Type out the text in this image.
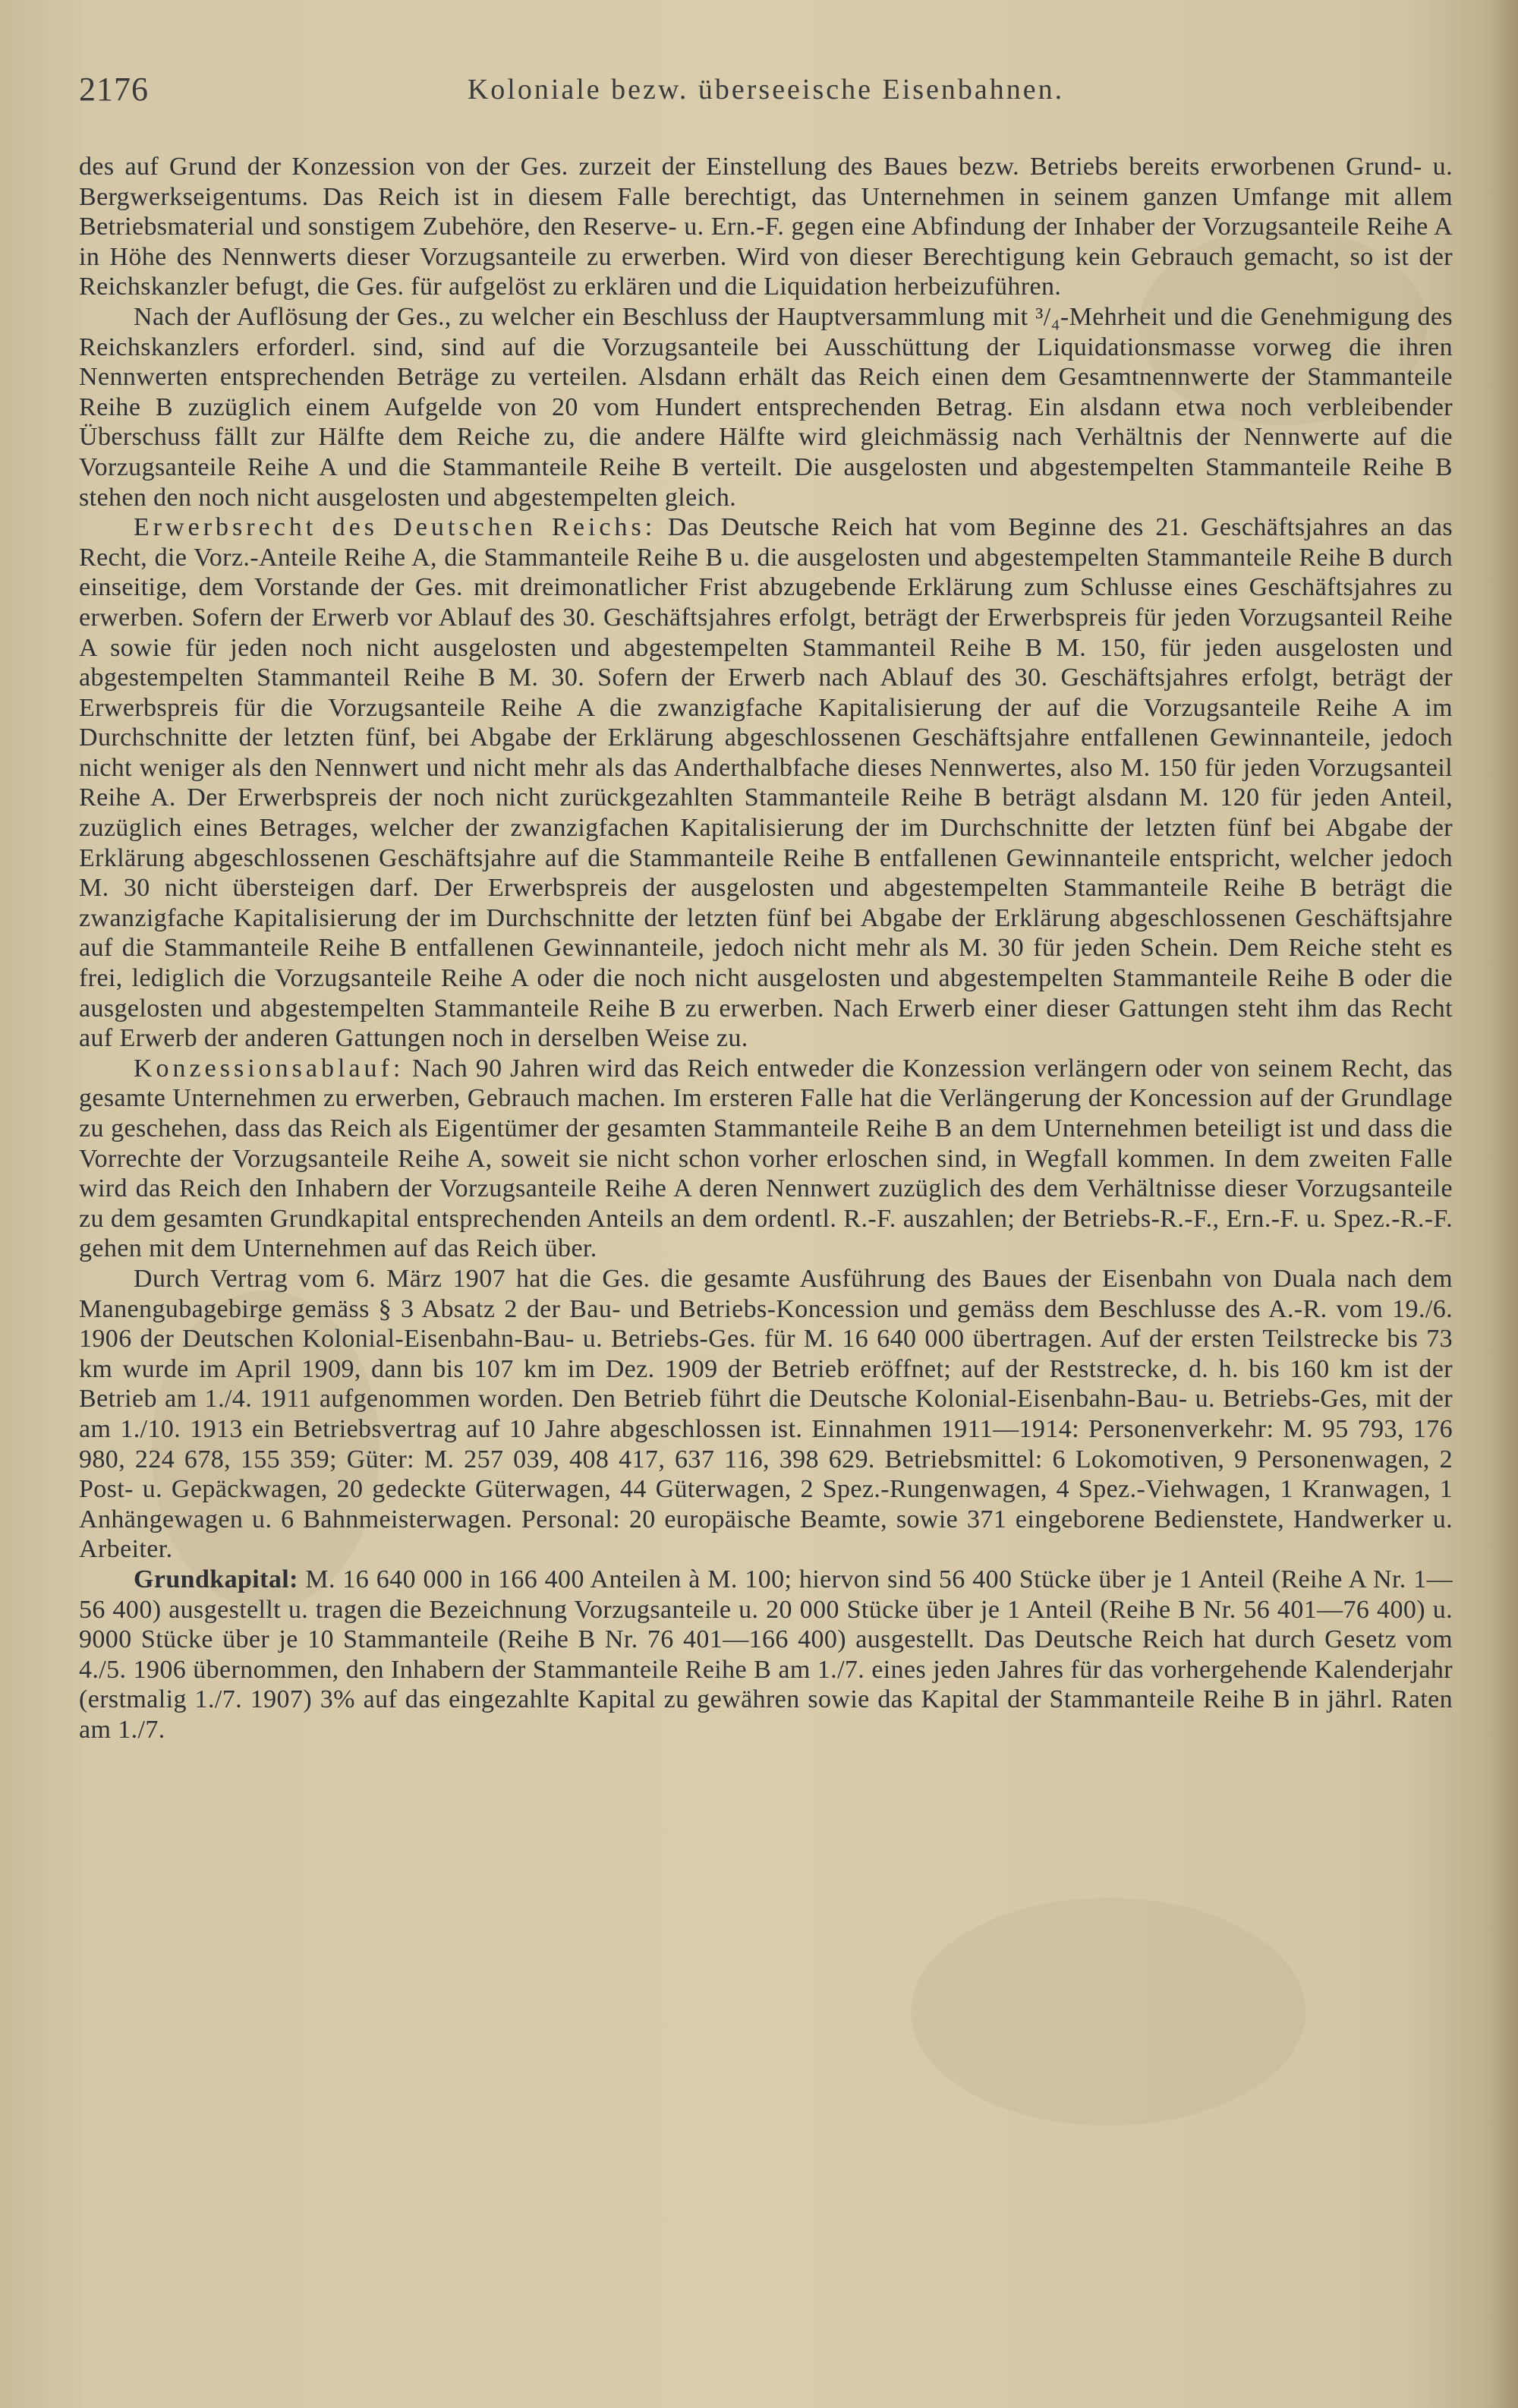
2176	Koloniale bezw. überseeische Eisenbahnen.

des auf Grund der Konzession von der Ges. zurzeit der Einstellung des Baues bezw. Betriebs bereits erworbenen Grund- u. Bergwerkseigentums. Das Reich ist in diesem Falle berechtigt, das Unternehmen in seinem ganzen Umfange mit allem Betriebsmaterial und sonstigem Zubehöre, den Reserve- u. Ern.-F. gegen eine Abfindung der Inhaber der Vorzugsanteile Reihe A in Höhe des Nennwerts dieser Vorzugsanteile zu erwerben. Wird von dieser Berechtigung kein Gebrauch gemacht, so ist der Reichskanzler befugt, die Ges. für aufgelöst zu erklären und die Liquidation herbeizuführen.

Nach der Auflösung der Ges., zu welcher ein Beschluss der Hauptversammlung mit ³/₄-Mehrheit und die Genehmigung des Reichskanzlers erforderl. sind, sind auf die Vorzugsanteile bei Ausschüttung der Liquidationsmasse vorweg die ihren Nennwerten entsprechenden Beträge zu verteilen. Alsdann erhält das Reich einen dem Gesamtnennwerte der Stammanteile Reihe B zuzüglich einem Aufgelde von 20 vom Hundert entsprechenden Betrag. Ein alsdann etwa noch verbleibender Überschuss fällt zur Hälfte dem Reiche zu, die andere Hälfte wird gleichmässig nach Verhältnis der Nennwerte auf die Vorzugsanteile Reihe A und die Stammanteile Reihe B verteilt. Die ausgelosten und abgestempelten Stammanteile Reihe B stehen den noch nicht ausgelosten und abgestempelten gleich.

Erwerbsrecht des Deutschen Reichs: Das Deutsche Reich hat vom Beginne des 21. Geschäftsjahres an das Recht, die Vorz.-Anteile Reihe A, die Stammanteile Reihe B u. die ausgelosten und abgestempelten Stammanteile Reihe B durch einseitige, dem Vorstande der Ges. mit dreimonatlicher Frist abzugebende Erklärung zum Schlusse eines Geschäftsjahres zu erwerben. Sofern der Erwerb vor Ablauf des 30. Geschäftsjahres erfolgt, beträgt der Erwerbspreis für jeden Vorzugsanteil Reihe A sowie für jeden noch nicht ausgelosten und abgestempelten Stammanteil Reihe B M. 150, für jeden ausgelosten und abgestempelten Stammanteil Reihe B M. 30. Sofern der Erwerb nach Ablauf des 30. Geschäftsjahres erfolgt, beträgt der Erwerbspreis für die Vorzugsanteile Reihe A die zwanzigfache Kapitalisierung der auf die Vorzugsanteile Reihe A im Durchschnitte der letzten fünf, bei Abgabe der Erklärung abgeschlossenen Geschäftsjahre entfallenen Gewinnanteile, jedoch nicht weniger als den Nennwert und nicht mehr als das Anderthalbfache dieses Nennwertes, also M. 150 für jeden Vorzugsanteil Reihe A. Der Erwerbspreis der noch nicht zurückgezahlten Stammanteile Reihe B beträgt alsdann M. 120 für jeden Anteil, zuzüglich eines Betrages, welcher der zwanzigfachen Kapitalisierung der im Durchschnitte der letzten fünf bei Abgabe der Erklärung abgeschlossenen Geschäftsjahre auf die Stammanteile Reihe B entfallenen Gewinnanteile entspricht, welcher jedoch M. 30 nicht übersteigen darf. Der Erwerbspreis der ausgelosten und abgestempelten Stammanteile Reihe B beträgt die zwanzigfache Kapitalisierung der im Durchschnitte der letzten fünf bei Abgabe der Erklärung abgeschlossenen Geschäftsjahre auf die Stammanteile Reihe B entfallenen Gewinnanteile, jedoch nicht mehr als M. 30 für jeden Schein. Dem Reiche steht es frei, lediglich die Vorzugsanteile Reihe A oder die noch nicht ausgelosten und abgestempelten Stammanteile Reihe B oder die ausgelosten und abgestempelten Stammanteile Reihe B zu erwerben. Nach Erwerb einer dieser Gattungen steht ihm das Recht auf Erwerb der anderen Gattungen noch in derselben Weise zu.

Konzessionsablauf: Nach 90 Jahren wird das Reich entweder die Konzession verlängern oder von seinem Recht, das gesamte Unternehmen zu erwerben, Gebrauch machen. Im ersteren Falle hat die Verlängerung der Koncession auf der Grundlage zu geschehen, dass das Reich als Eigentümer der gesamten Stammanteile Reihe B an dem Unternehmen beteiligt ist und dass die Vorrechte der Vorzugsanteile Reihe A, soweit sie nicht schon vorher erloschen sind, in Wegfall kommen. In dem zweiten Falle wird das Reich den Inhabern der Vorzugsanteile Reihe A deren Nennwert zuzüglich des dem Verhältnisse dieser Vorzugsanteile zu dem gesamten Grundkapital entsprechenden Anteils an dem ordentl. R.-F. auszahlen; der Betriebs-R.-F., Ern.-F. u. Spez.-R.-F. gehen mit dem Unternehmen auf das Reich über.

Durch Vertrag vom 6. März 1907 hat die Ges. die gesamte Ausführung des Baues der Eisenbahn von Duala nach dem Manengubagebirge gemäss § 3 Absatz 2 der Bau- und Betriebs-Koncession und gemäss dem Beschlusse des A.-R. vom 19./6. 1906 der Deutschen Kolonial-Eisenbahn-Bau- u. Betriebs-Ges. für M. 16 640 000 übertragen. Auf der ersten Teilstrecke bis 73 km wurde im April 1909, dann bis 107 km im Dez. 1909 der Betrieb eröffnet; auf der Reststrecke, d. h. bis 160 km ist der Betrieb am 1./4. 1911 aufgenommen worden. Den Betrieb führt die Deutsche Kolonial-Eisenbahn-Bau- u. Betriebs-Ges, mit der am 1./10. 1913 ein Betriebsvertrag auf 10 Jahre abgeschlossen ist. Einnahmen 1911—1914: Personenverkehr: M. 95 793, 176 980, 224 678, 155 359; Güter: M. 257 039, 408 417, 637 116, 398 629. Betriebsmittel: 6 Lokomotiven, 9 Personenwagen, 2 Post- u. Gepäckwagen, 20 gedeckte Güterwagen, 44 Güterwagen, 2 Spez.-Rungenwagen, 4 Spez.-Viehwagen, 1 Kranwagen, 1 Anhängewagen u. 6 Bahnmeisterwagen. Personal: 20 europäische Beamte, sowie 371 eingeborene Bedienstete, Handwerker u. Arbeiter.

Grundkapital: M. 16 640 000 in 166 400 Anteilen à M. 100; hiervon sind 56 400 Stücke über je 1 Anteil (Reihe A Nr. 1—56 400) ausgestellt u. tragen die Bezeichnung Vorzugsanteile u. 20 000 Stücke über je 1 Anteil (Reihe B Nr. 56 401—76 400) u. 9000 Stücke über je 10 Stammanteile (Reihe B Nr. 76 401—166 400) ausgestellt. Das Deutsche Reich hat durch Gesetz vom 4./5. 1906 übernommen, den Inhabern der Stammanteile Reihe B am 1./7. eines jeden Jahres für das vorhergehende Kalenderjahr (erstmalig 1./7. 1907) 3% auf das eingezahlte Kapital zu gewähren sowie das Kapital der Stammanteile Reihe B in jährl. Raten am 1./7.
